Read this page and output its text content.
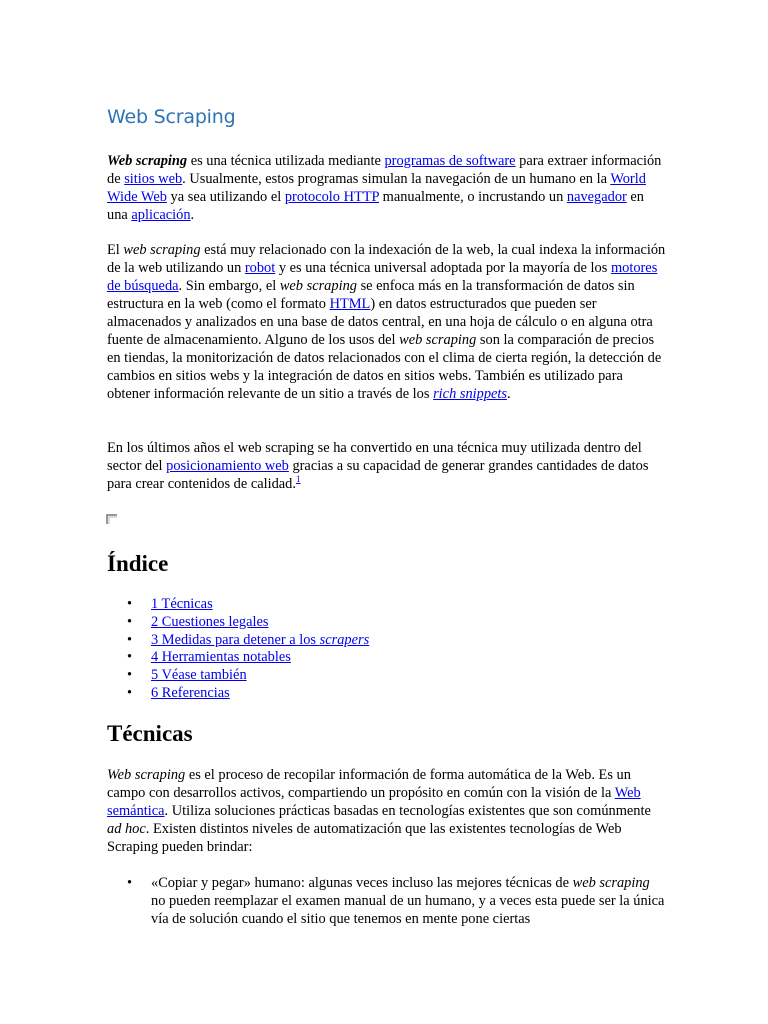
Web Scraping

Web scraping es una técnica utilizada mediante programas de software para extraer información de sitios web. Usualmente, estos programas simulan la navegación de un humano en la World Wide Web ya sea utilizando el protocolo HTTP manualmente, o incrustando un navegador en una aplicación.

El web scraping está muy relacionado con la indexación de la web, la cual indexa la información de la web utilizando un robot y es una técnica universal adoptada por la mayoría de los motores de búsqueda. Sin embargo, el web scraping se enfoca más en la transformación de datos sin estructura en la web (como el formato HTML) en datos estructurados que pueden ser almacenados y analizados en una base de datos central, en una hoja de cálculo o en alguna otra fuente de almacenamiento. Alguno de los usos del web scraping son la comparación de precios en tiendas, la monitorización de datos relacionados con el clima de cierta región, la detección de cambios en sitios webs y la integración de datos en sitios webs. También es utilizado para obtener información relevante de un sitio a través de los rich snippets.

En los últimos años el web scraping se ha convertido en una técnica muy utilizada dentro del sector del posicionamiento web gracias a su capacidad de generar grandes cantidades de datos para crear contenidos de calidad.$^1$

Índice
• 1 Técnicas
• 2 Cuestiones legales
• 3 Medidas para detener a los scrapers
• 4 Herramientas notables
• 5 Véase también
• 6 Referencias
Técnicas

Web scraping es el proceso de recopilar información de forma automática de la Web. Es un campo con desarrollos activos, compartiendo un propósito en común con la visión de la Web semántica. Utiliza soluciones prácticas basadas en tecnologías existentes que son comúnmente ad hoc. Existen distintos niveles de automatización que las existentes tecnologías de Web Scraping pueden brindar:

• «Copiar y pegar» humano: algunas veces incluso las mejores técnicas de web scraping no pueden reemplazar el examen manual de un humano, y a veces esta puede ser la única vía de solución cuando el sitio que tenemos en mente pone ciertas
